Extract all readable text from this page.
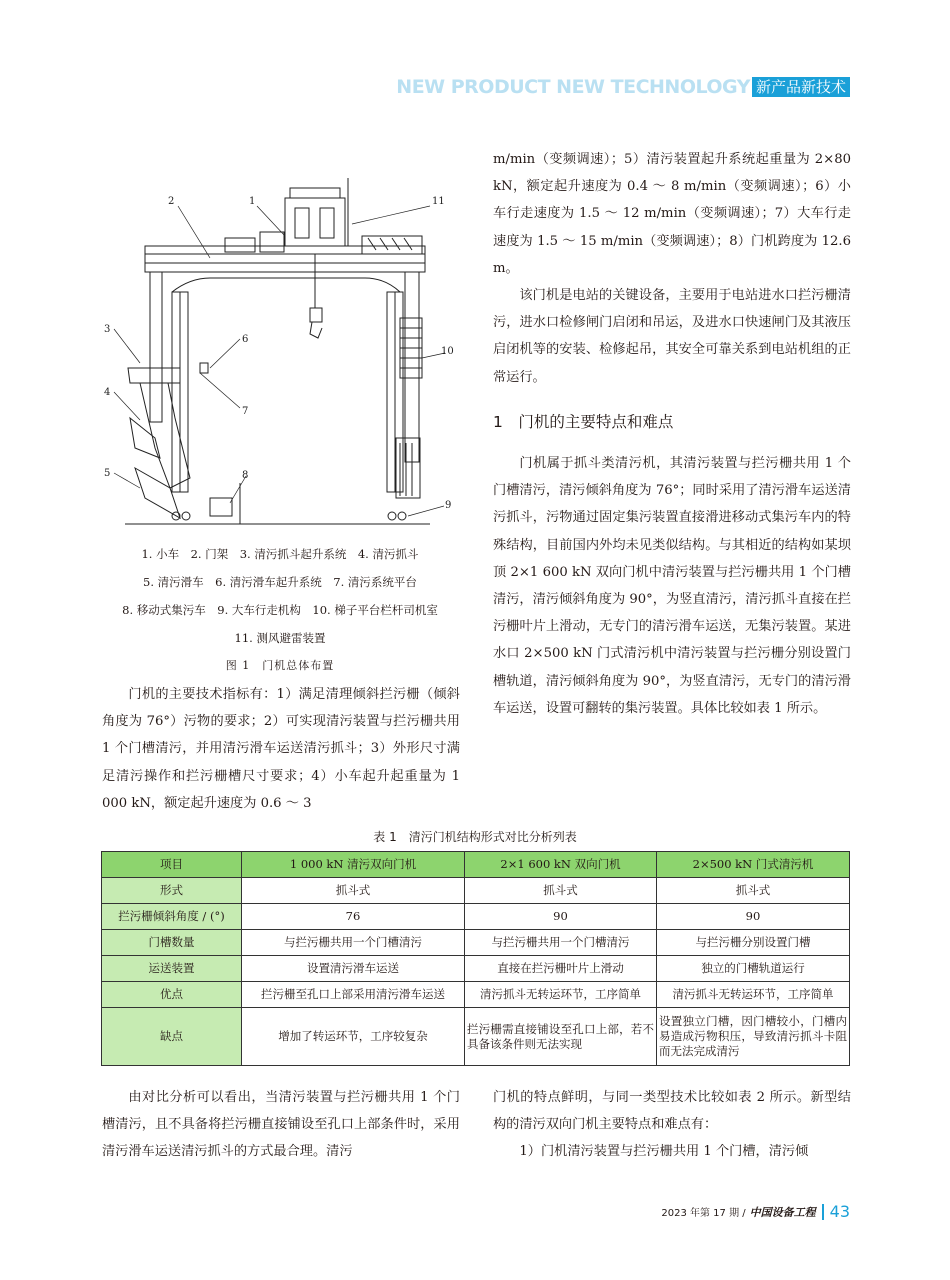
NEW PRODUCT NEW TECHNOLOGY 新产品新技术
2	1	11
3
6
10
4
7
5	8
9
1. 小车　2. 门架　3. 清污抓斗起升系统　4. 清污抓斗
5. 清污滑车　6. 清污滑车起升系统　7. 清污系统平台
8. 移动式集污车　9. 大车行走机构　10. 梯子平台栏杆司机室
11. 测风避雷装置
图 1　门机总体布置

门机的主要技术指标有：1）满足清理倾斜拦污栅（倾斜角度为 76°）污物的要求；2）可实现清污装置与拦污栅共用 1 个门槽清污，并用清污滑车运送清污抓斗；3）外形尺寸满足清污操作和拦污栅槽尺寸要求；4）小车起升起重量为 1 000 kN，额定起升速度为 0.6 ～ 3

m/min（变频调速）；5）清污装置起升系统起重量为 2×80 kN，额定起升速度为 0.4 ～ 8 m/min（变频调速）；6）小车行走速度为 1.5 ～ 12 m/min（变频调速）；7）大车行走速度为 1.5 ～ 15 m/min（变频调速）；8）门机跨度为 12.6 m。

该门机是电站的关键设备，主要用于电站进水口拦污栅清污，进水口检修闸门启闭和吊运，及进水口快速闸门及其液压启闭机等的安装、检修起吊，其安全可靠关系到电站机组的正常运行。

1　门机的主要特点和难点

门机属于抓斗类清污机，其清污装置与拦污栅共用 1 个门槽清污，清污倾斜角度为 76°；同时采用了清污滑车运送清污抓斗，污物通过固定集污装置直接滑进移动式集污车内的特殊结构，目前国内外均未见类似结构。与其相近的结构如某坝顶 2×1 600 kN 双向门机中清污装置与拦污栅共用 1 个门槽清污，清污倾斜角度为 90°，为竖直清污，清污抓斗直接在拦污栅叶片上滑动，无专门的清污滑车运送，无集污装置。某进水口 2×500 kN 门式清污机中清污装置与拦污栅分别设置门槽轨道，清污倾斜角度为 90°，为竖直清污，无专门的清污滑车运送，设置可翻转的集污装置。具体比较如表 1 所示。

表 1　清污门机结构形式对比分析列表
项目	1 000 kN 清污双向门机	2×1 600 kN 双向门机	2×500 kN 门式清污机
形式	抓斗式	抓斗式	抓斗式
拦污栅倾斜角度 / (°)	76	90	90
门槽数量	与拦污栅共用一个门槽清污	与拦污栅共用一个门槽清污	与拦污栅分别设置门槽
运送装置	设置清污滑车运送	直接在拦污栅叶片上滑动	独立的门槽轨道运行
优点	拦污栅至孔口上部采用清污滑车运送	清污抓斗无转运环节，工序简单	清污抓斗无转运环节，工序简单
缺点	增加了转运环节，工序较复杂	拦污栅需直接铺设至孔口上部，若不具备该条件则无法实现	设置独立门槽，因门槽较小，门槽内易造成污物积压，导致清污抓斗卡阻而无法完成清污

由对比分析可以看出，当清污装置与拦污栅共用 1 个门槽清污，且不具备将拦污栅直接铺设至孔口上部条件时，采用清污滑车运送清污抓斗的方式最合理。清污

门机的特点鲜明，与同一类型技术比较如表 2 所示。新型结构的清污双向门机主要特点和难点有：

1）门机清污装置与拦污栅共用 1 个门槽，清污倾

2023 年第 17 期 / 中国设备工程 43
